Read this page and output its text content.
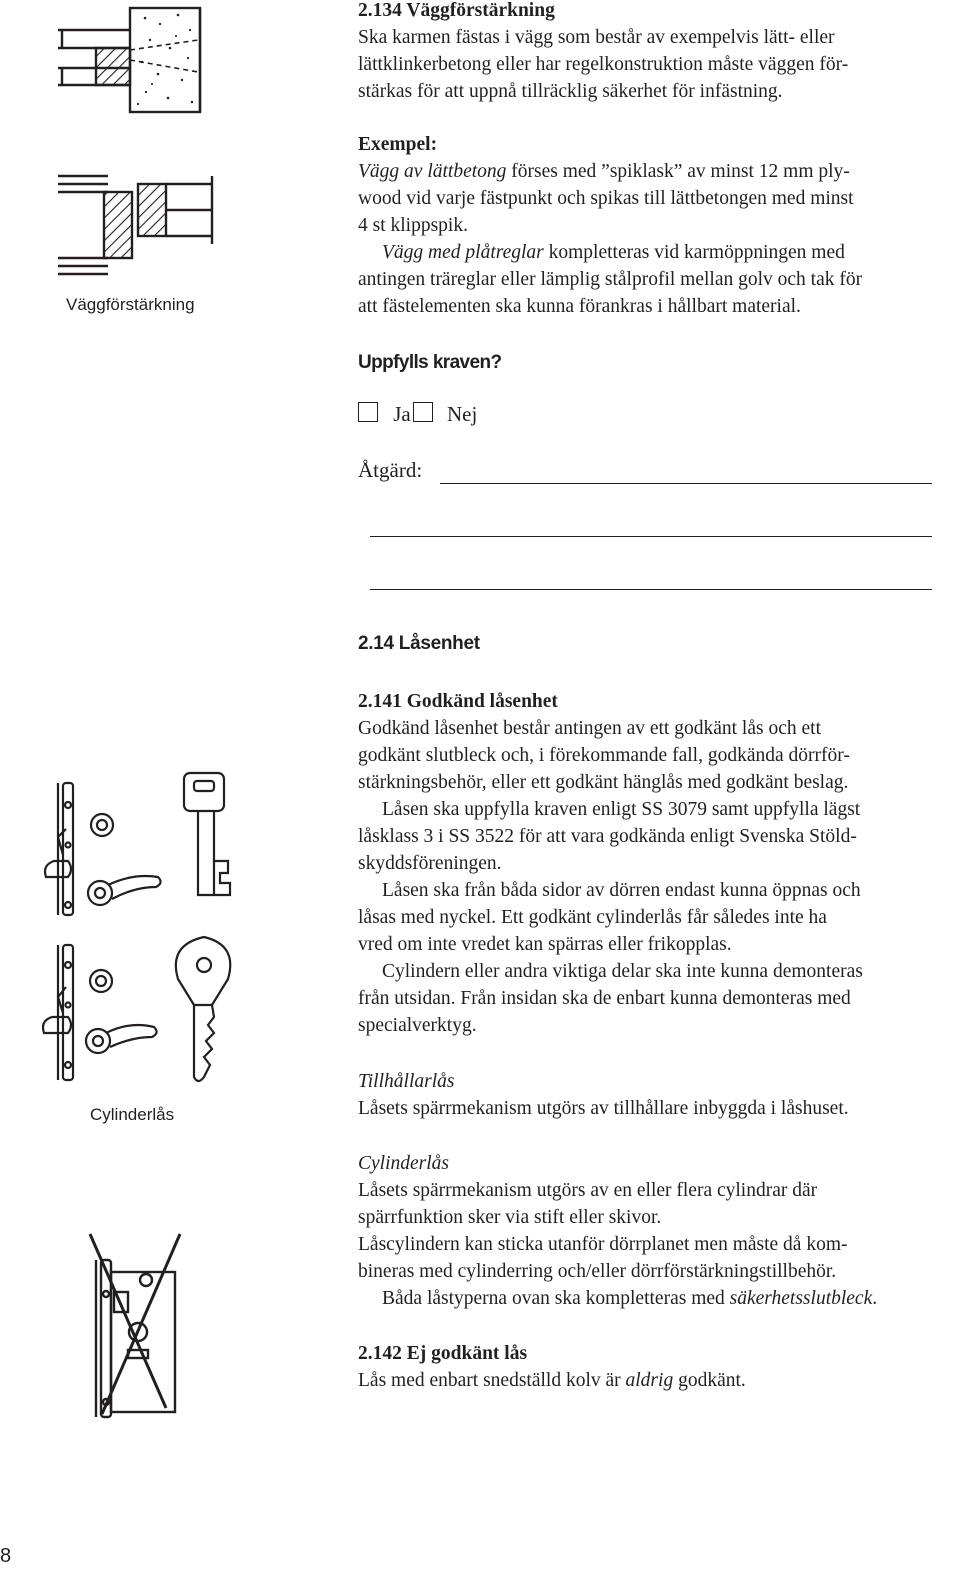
Väggförstärkning
2.134 Väggförstärkning
Ska karmen fästas i vägg som består av exempelvis lätt- eller
lättklinkerbetong eller har regelkonstruktion måste väggen för-
stärkas för att uppnå tillräcklig säkerhet för infästning.
Exempel:
Vägg av lättbetong förses med ”spiklask” av minst 12 mm ply-
wood vid varje fästpunkt och spikas till lättbetongen med minst
4 st klippspik.
Vägg med plåtreglar kompletteras vid karmöppningen med
antingen träreglar eller lämplig stålprofil mellan golv och tak för
att fästelementen ska kunna förankras i hållbart material.
Uppfylls kraven?
Ja Nej
Åtgärd:
2.14 Låsenhet
Cylinderlås
2.141 Godkänd låsenhet
Godkänd låsenhet består antingen av ett godkänt lås och ett
godkänt slutbleck och, i förekommande fall, godkända dörrför-
stärkningsbehör, eller ett godkänt hänglås med godkänt beslag.
Låsen ska uppfylla kraven enligt SS 3079 samt uppfylla lägst
låsklass 3 i SS 3522 för att vara godkända enligt Svenska Stöld-
skyddsföreningen.
Låsen ska från båda sidor av dörren endast kunna öppnas och
låsas med nyckel. Ett godkänt cylinderlås får således inte ha
vred om inte vredet kan spärras eller frikopplas.
Cylindern eller andra viktiga delar ska inte kunna demonteras
från utsidan. Från insidan ska de enbart kunna demonteras med
specialverktyg.
Tillhållarlås
Låsets spärrmekanism utgörs av tillhållare inbyggda i låshuset.
Cylinderlås
Låsets spärrmekanism utgörs av en eller flera cylindrar där
spärrfunktion sker via stift eller skivor.
Låscylindern kan sticka utanför dörrplanet men måste då kom-
bineras med cylinderring och/eller dörrförstärkningstillbehör.
Båda låstyperna ovan ska kompletteras med säkerhetsslutbleck.
2.142 Ej godkänt lås
Lås med enbart snedställd kolv är aldrig godkänt.
8
